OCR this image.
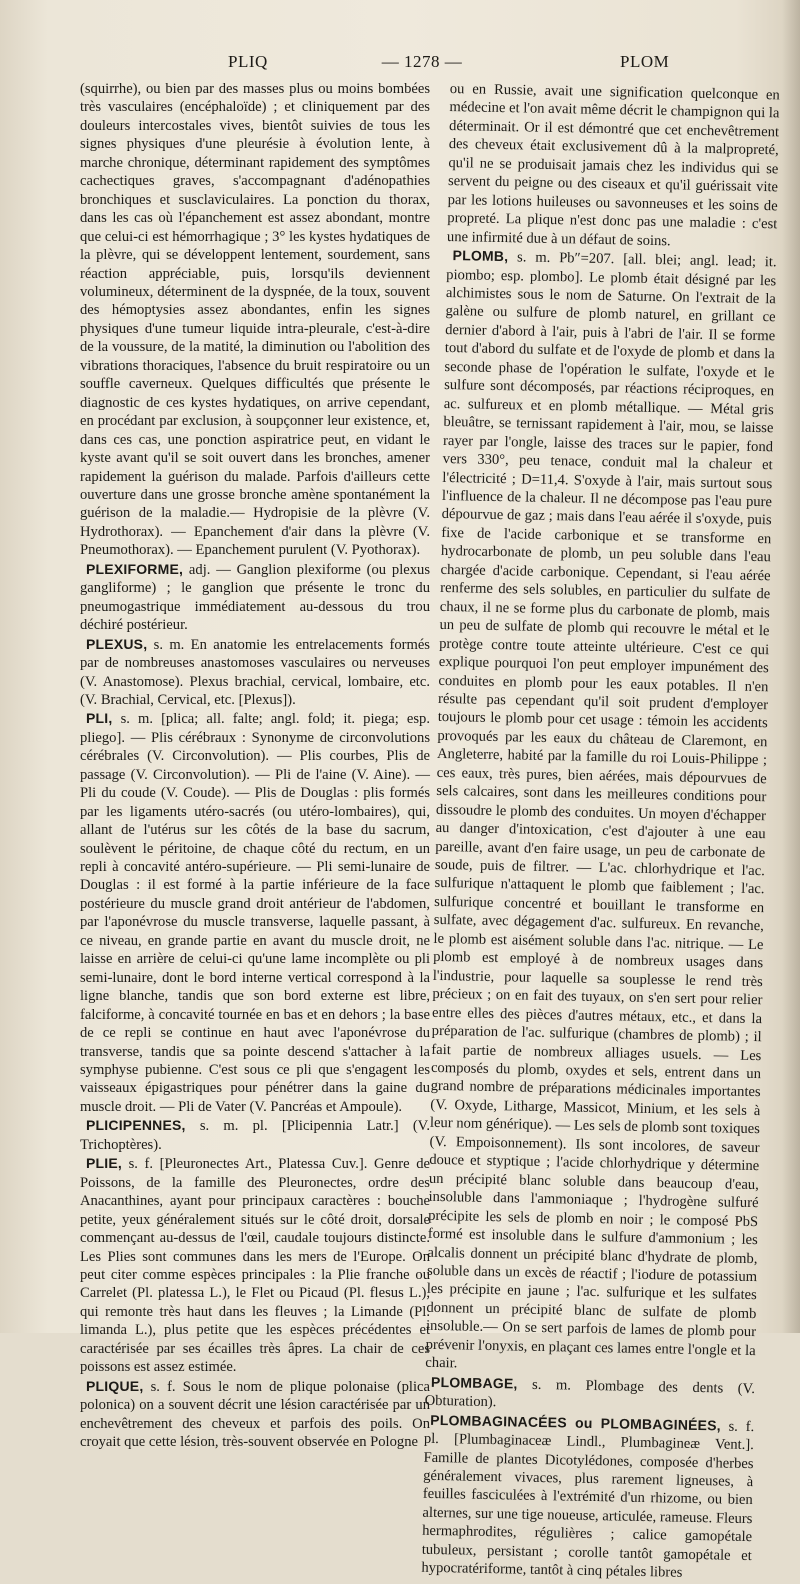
PLIQ	— 1278 —	PLOM

(squirrhe), ou bien par des masses plus ou moins bombées très vasculaires (encéphaloïde) ; et cliniquement par des douleurs intercostales vives, bientôt suivies de tous les signes physiques d'une pleurésie à évolution lente, à marche chronique, déterminant rapidement des symptômes cachectiques graves, s'accompagnant d'adénopathies bronchiques et susclaviculaires. La ponction du thorax, dans les cas où l'épanchement est assez abondant, montre que celui-ci est hémorrhagique ; 3° les kystes hydatiques de la plèvre, qui se développent lentement, sourdement, sans réaction appréciable, puis, lorsqu'ils deviennent volumineux, déterminent de la dyspnée, de la toux, souvent des hémoptysies assez abondantes, enfin les signes physiques d'une tumeur liquide intra-pleurale, c'est-à-dire de la voussure, de la matité, la diminution ou l'abolition des vibrations thoraciques, l'absence du bruit respiratoire ou un souffle caverneux. Quelques difficultés que présente le diagnostic de ces kystes hydatiques, on arrive cependant, en procédant par exclusion, à soupçonner leur existence, et, dans ces cas, une ponction aspiratrice peut, en vidant le kyste avant qu'il se soit ouvert dans les bronches, amener rapidement la guérison du malade. Parfois d'ailleurs cette ouverture dans une grosse bronche amène spontanément la guérison de la maladie.— Hydropisie de la plèvre (V. Hydrothorax). — Epanchement d'air dans la plèvre (V. Pneumothorax). — Epanchement purulent (V. Pyothorax).

PLEXIFORME, adj. — Ganglion plexiforme (ou plexus gangliforme) ; le ganglion que présente le tronc du pneumogastrique immédiatement au-dessous du trou déchiré postérieur.

PLEXUS, s. m. En anatomie les entrelacements formés par de nombreuses anastomoses vasculaires ou nerveuses (V. Anastomose). Plexus brachial, cervical, lombaire, etc. (V. Brachial, Cervical, etc. [Plexus]).

PLI, s. m. [plica; all. falte; angl. fold; it. piega; esp. pliego]. — Plis cérébraux : Synonyme de circonvolutions cérébrales (V. Circonvolution). — Plis courbes, Plis de passage (V. Circonvolution). — Pli de l'aine (V. Aine). — Pli du coude (V. Coude). — Plis de Douglas : plis formés par les ligaments utéro-sacrés (ou utéro-lombaires), qui, allant de l'utérus sur les côtés de la base du sacrum, soulèvent le péritoine, de chaque côté du rectum, en un repli à concavité antéro-supérieure. — Pli semi-lunaire de Douglas : il est formé à la partie inférieure de la face postérieure du muscle grand droit antérieur de l'abdomen, par l'aponévrose du muscle transverse, laquelle passant, à ce niveau, en grande partie en avant du muscle droit, ne laisse en arrière de celui-ci qu'une lame incomplète ou pli semi-lunaire, dont le bord interne vertical correspond à la ligne blanche, tandis que son bord externe est libre, falciforme, à concavité tournée en bas et en dehors ; la base de ce repli se continue en haut avec l'aponévrose du transverse, tandis que sa pointe descend s'attacher à la symphyse pubienne. C'est sous ce pli que s'engagent les vaisseaux épigastriques pour pénétrer dans la gaine du muscle droit. — Pli de Vater (V. Pancréas et Ampoule).

PLICIPENNES, s. m. pl. [Plicipennia Latr.] (V. Trichoptères).

PLIE, s. f. [Pleuronectes Art., Platessa Cuv.]. Genre de Poissons, de la famille des Pleuronectes, ordre des Anacanthines, ayant pour principaux caractères : bouche petite, yeux généralement situés sur le côté droit, dorsale commençant au-dessus de l'œil, caudale toujours distincte. Les Plies sont communes dans les mers de l'Europe. On peut citer comme espèces principales : la Plie franche ou Carrelet (Pl. platessa L.), le Flet ou Picaud (Pl. flesus L.), qui remonte très haut dans les fleuves ; la Limande (Pl. limanda L.), plus petite que les espèces précédentes et caractérisée par ses écailles très âpres. La chair de ces poissons est assez estimée.

PLIQUE, s. f. Sous le nom de plique polonaise (plica polonica) on a souvent décrit une lésion caractérisée par un enchevêtrement des cheveux et parfois des poils. On croyait que cette lésion, très-souvent observée en Pologne

ou en Russie, avait une signification quelconque en médecine et l'on avait même décrit le champignon qui la déterminait. Or il est démontré que cet enchevêtrement des cheveux était exclusivement dû à la malpropreté, qu'il ne se produisait jamais chez les individus qui se servent du peigne ou des ciseaux et qu'il guérissait vite par les lotions huileuses ou savonneuses et les soins de propreté. La plique n'est donc pas une maladie : c'est une infirmité due à un défaut de soins.

PLOMB, s. m. Pb″=207. [all. blei; angl. lead; it. piombo; esp. plombo]. Le plomb était désigné par les alchimistes sous le nom de Saturne. On l'extrait de la galène ou sulfure de plomb naturel, en grillant ce dernier d'abord à l'air, puis à l'abri de l'air. Il se forme tout d'abord du sulfate et de l'oxyde de plomb et dans la seconde phase de l'opération le sulfate, l'oxyde et le sulfure sont décomposés, par réactions réciproques, en ac. sulfureux et en plomb métallique. — Métal gris bleuâtre, se ternissant rapidement à l'air, mou, se laisse rayer par l'ongle, laisse des traces sur le papier, fond vers 330°, peu tenace, conduit mal la chaleur et l'électricité ; D=11,4. S'oxyde à l'air, mais surtout sous l'influence de la chaleur. Il ne décompose pas l'eau pure dépourvue de gaz ; mais dans l'eau aérée il s'oxyde, puis fixe de l'acide carbonique et se transforme en hydrocarbonate de plomb, un peu soluble dans l'eau chargée d'acide carbonique. Cependant, si l'eau aérée renferme des sels solubles, en particulier du sulfate de chaux, il ne se forme plus du carbonate de plomb, mais un peu de sulfate de plomb qui recouvre le métal et le protège contre toute atteinte ultérieure. C'est ce qui explique pourquoi l'on peut employer impunément des conduites en plomb pour les eaux potables. Il n'en résulte pas cependant qu'il soit prudent d'employer toujours le plomb pour cet usage : témoin les accidents provoqués par les eaux du château de Claremont, en Angleterre, habité par la famille du roi Louis-Philippe ; ces eaux, très pures, bien aérées, mais dépourvues de sels calcaires, sont dans les meilleures conditions pour dissoudre le plomb des conduites. Un moyen d'échapper au danger d'intoxication, c'est d'ajouter à une eau pareille, avant d'en faire usage, un peu de carbonate de soude, puis de filtrer. — L'ac. chlorhydrique et l'ac. sulfurique n'attaquent le plomb que faiblement ; l'ac. sulfurique concentré et bouillant le transforme en sulfate, avec dégagement d'ac. sulfureux. En revanche, le plomb est aisément soluble dans l'ac. nitrique. — Le plomb est employé à de nombreux usages dans l'industrie, pour laquelle sa souplesse le rend très précieux ; on en fait des tuyaux, on s'en sert pour relier entre elles des pièces d'autres métaux, etc., et dans la préparation de l'ac. sulfurique (chambres de plomb) ; il fait partie de nombreux alliages usuels. — Les composés du plomb, oxydes et sels, entrent dans un grand nombre de préparations médicinales importantes (V. Oxyde, Litharge, Massicot, Minium, et les sels à leur nom générique). — Les sels de plomb sont toxiques (V. Empoisonnement). Ils sont incolores, de saveur douce et styptique ; l'acide chlorhydrique y détermine un précipité blanc soluble dans beaucoup d'eau, insoluble dans l'ammoniaque ; l'hydrogène sulfuré précipite les sels de plomb en noir ; le composé PbS formé est insoluble dans le sulfure d'ammonium ; les alcalis donnent un précipité blanc d'hydrate de plomb, soluble dans un excès de réactif ; l'iodure de potassium les précipite en jaune ; l'ac. sulfurique et les sulfates donnent un précipité blanc de sulfate de plomb insoluble.— On se sert parfois de lames de plomb pour prévenir l'onyxis, en plaçant ces lames entre l'ongle et la chair.

PLOMBAGE, s. m. Plombage des dents (V. Obturation).

PLOMBAGINACÉES ou PLOMBAGINÉES, s. f. pl. [Plumbaginaceæ Lindl., Plumbagineæ Vent.]. Famille de plantes Dicotylédones, composée d'herbes généralement vivaces, plus rarement ligneuses, à feuilles fasciculées à l'extrémité d'un rhizome, ou bien alternes, sur une tige noueuse, articulée, rameuse. Fleurs hermaphrodites, régulières ; calice gamopétale tubuleux, persistant ; corolle tantôt gamopétale et hypocratériforme, tantôt à cinq pétales libres
